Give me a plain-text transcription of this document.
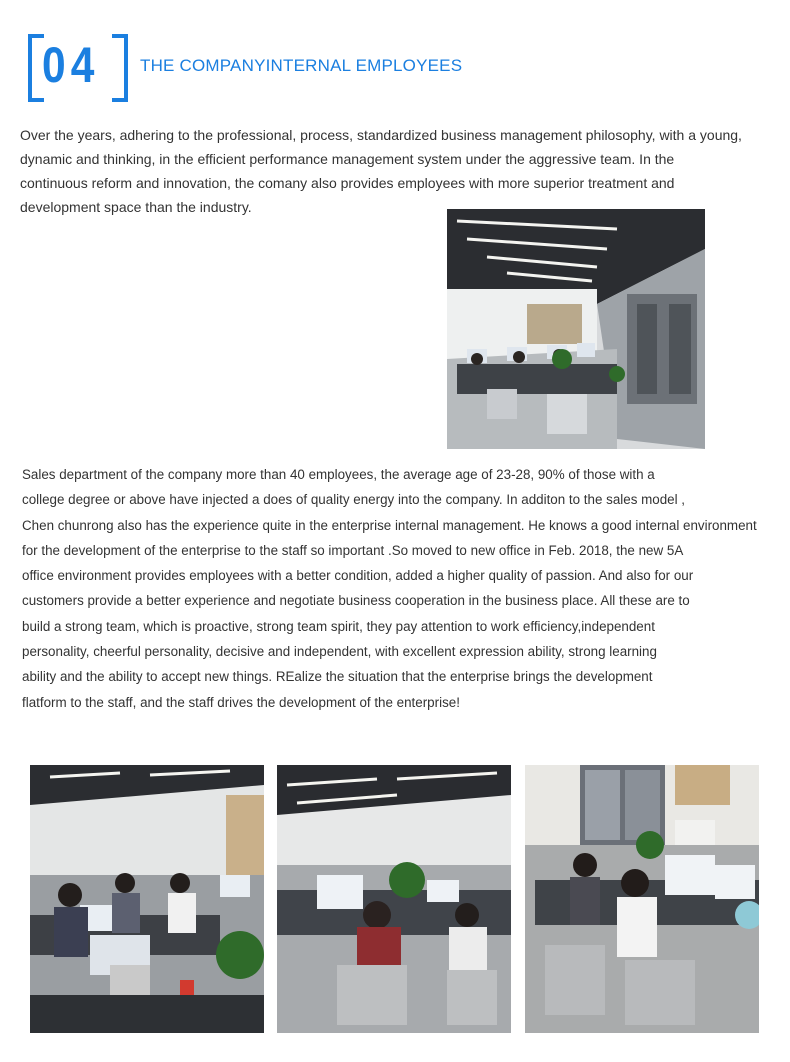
04	THE COMPANYINTERNAL EMPLOYEES
Over the years, adhering to the professional, process, standardized business management philosophy, with a young,
dynamic and thinking, in the efficient performance management system under the aggressive team. In the
continuous reform and innovation, the comany also provides employees with more superior treatment and
development space than the industry.
Sales department of the company more than 40 employees, the average age of 23-28, 90% of those with a
college degree or above have injected a does of quality energy into the company. In additon to the sales model ,
Chen chunrong also has the experience quite in the enterprise internal management. He knows a good internal environment
for the development of the enterprise to the staff so important .So moved to new office in Feb. 2018, the new 5A
office environment provides employees with a better condition, added a higher quality of passion. And also for our
customers provide a better experience and negotiate business cooperation in the business place. All these are to
build a strong team, which is proactive, strong team spirit, they pay attention to work efficiency,independent
personality, cheerful personality, decisive and independent, with excellent expression ability, strong learning
ability and the ability to accept new things. REalize the situation that the enterprise brings the development
flatform to the staff, and the staff drives the development of the enterprise!
